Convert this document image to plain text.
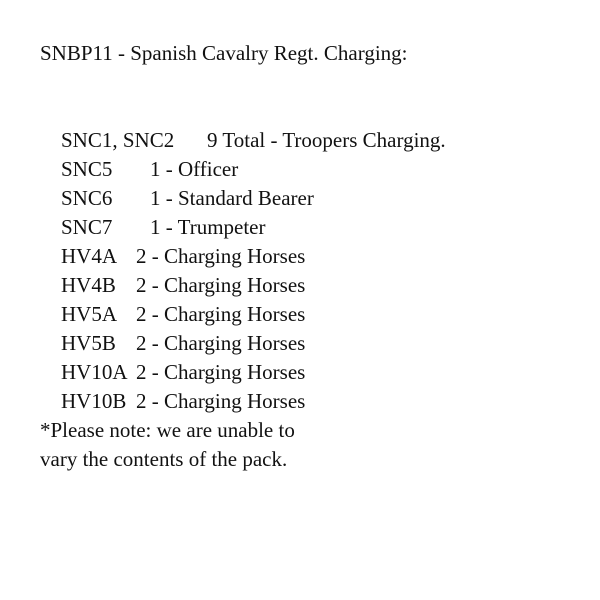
SNBP11 - Spanish Cavalry Regt. Charging:

SNC1, SNC2 9 Total - Troopers Charging.

SNC5 1 - Officer

SNC6 1 - Standard Bearer

SNC7 1 - Trumpeter

HV4A 2 - Charging Horses

HV4B 2 - Charging Horses

HV5A 2 - Charging Horses

HV5B 2 - Charging Horses

HV10A 2 - Charging Horses

HV10B 2 - Charging Horses

*Please note: we are unable to
vary the contents of the pack.
